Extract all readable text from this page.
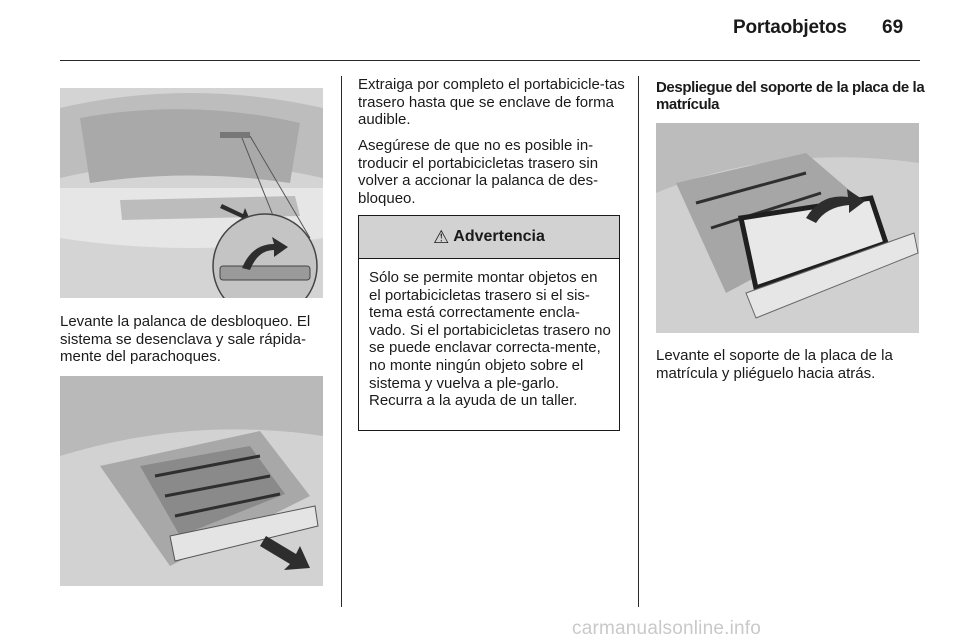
Portaobjetos 69

Levante la palanca de desbloqueo. El sistema se desenclava y sale rápida-mente del parachoques.

Extraiga por completo el portabicicle-tas trasero hasta que se enclave de forma audible.

Asegúrese de que no es posible in-troducir el portabicicletas trasero sin volver a accionar la palanca de des-bloqueo.

⚠ Advertencia

Sólo se permite montar objetos en el portabicicletas trasero si el sis-tema está correctamente encla-vado. Si el portabicicletas trasero no se puede enclavar correcta-mente, no monte ningún objeto sobre el sistema y vuelva a ple-garlo. Recurra a la ayuda de un taller.

Despliegue del soporte de la placa de la matrícula

Levante el soporte de la placa de la matrícula y pliéguelo hacia atrás.

carmanualsonline.info
